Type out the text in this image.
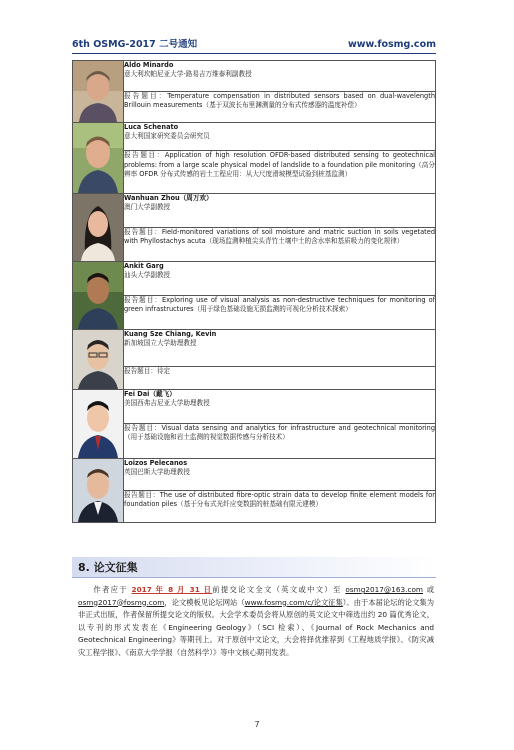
6th OSMG-2017 二号通知	www.fosmg.com

Aldo Minardo
意大利坎帕尼亚大学-路易吉万维泰利副教授

	报告题目：Temperature compensation in distributed sensors based on dual-wavelength Brillouin measurements（基于双波长布里渊测量的分布式传感器的温度补偿）

Luca Schenato
意大利国家研究委员会研究员

	报告题目：Application of high resolution OFDR-based distributed sensing to geotechnical problems: from a large scale physical model of landslide to a foundation pile monitoring（高分辨率 OFDR 分布式传感的岩土工程应用：从大尺度滑坡模型试验到桩基监测）

Wanhuan Zhou（周万欢）
澳门大学副教授

	报告题目：Field-monitored variations of soil moisture and matric suction in soils vegetated with Phyllostachys acuta（现场监测种植尖头青竹土壤中土的含水率和基质吸力的变化规律）

Ankit Garg
汕头大学副教授

	报告题目：Exploring use of visual analysis as non-destructive techniques for monitoring of green infrastructures（用于绿色基础设施无损监测的可视化分析技术探索）

Kuang Sze Chiang, Kevin
新加坡国立大学助理教授

	报告题目：待定

Fei Dai（戴飞）
美国西弗吉尼亚大学助理教授

	报告题目：Visual data sensing and analytics for infrastructure and geotechnical monitoring（用于基础设施和岩土监测的视觉数据传感与分析技术）

Loizos Pelecanos
英国巴斯大学助理教授

	报告题目：The use of distributed fibre-optic strain data to develop finite element models for foundation piles（基于分布式光纤应变数据的桩基础有限元建模）
8. 论文征集
作者应于 2017 年 8 月 31 日前提交论文全文（英文或中文）至 osmg2017@163.com 或 osmg2017@fosmg.com，论文模板见论坛网站（www.fosmg.com/c/论文征集）。由于本届论坛的论文集为非正式出版，作者保留所提交论文的版权。大会学术委员会将从原创的英文论文中筛选出约 20 篇优秀论文，以专刊的形式发表在《Engineering Geology》（SCI 检索）、《Journal of Rock Mechanics and Geotechnical Engineering》等期刊上。对于原创中文论文，大会将择优推荐到《工程地质学报》、《防灾减灾工程学报》、《南京大学学报（自然科学）》等中文核心期刊发表。
7
